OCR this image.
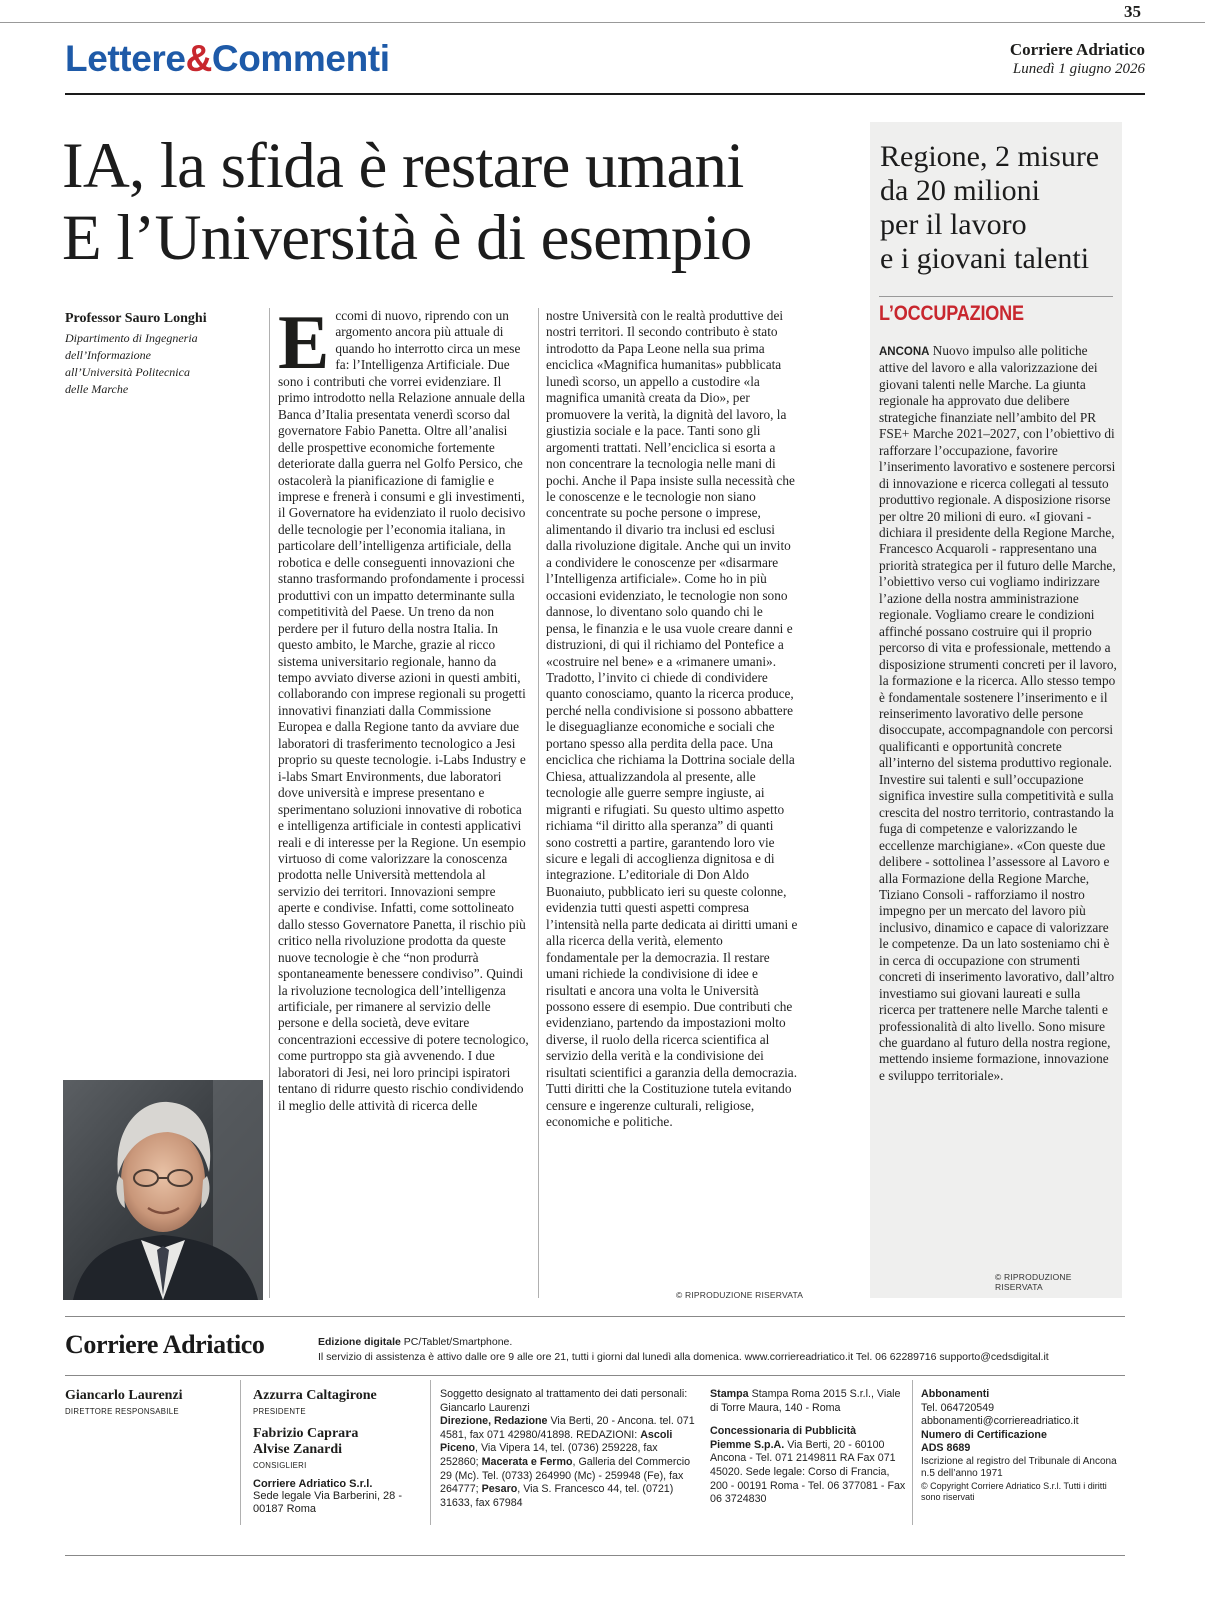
35
Lettere&Commenti	Corriere Adriatico
Lunedì 1 giugno 2026
IA, la sfida è restare umani
E l’Università è di esempio
Professor Sauro Longhi
Dipartimento di Ingegneria
dell’Informazione
all’Università Politecnica
delle Marche
Eccomi di nuovo, riprendo con un argomento ancora più attuale di quando ho interrotto circa un mese fa: l’Intelligenza Artificiale. Due sono i contributi che vorrei evidenziare. Il primo introdotto nella Relazione annuale della Banca d’Italia presentata venerdì scorso dal governatore Fabio Panetta. Oltre all’analisi delle prospettive economiche fortemente deteriorate dalla guerra nel Golfo Persico, che ostacolerà la pianificazione di famiglie e imprese e frenerà i consumi e gli investimenti, il Governatore ha evidenziato il ruolo decisivo delle tecnologie per l’economia italiana, in particolare dell’intelligenza artificiale, della robotica e delle conseguenti innovazioni che stanno trasformando profondamente i processi produttivi con un impatto determinante sulla competitività del Paese. Un treno da non perdere per il futuro della nostra Italia. In questo ambito, le Marche, grazie al ricco sistema universitario regionale, hanno da tempo avviato diverse azioni in questi ambiti, collaborando con imprese regionali su progetti innovativi finanziati dalla Commissione Europea e dalla Regione tanto da avviare due laboratori di trasferimento tecnologico a Jesi proprio su queste tecnologie. i-Labs Industry e i-labs Smart Environments, due laboratori dove università e imprese presentano e sperimentano soluzioni innovative di robotica e intelligenza artificiale in contesti applicativi reali e di interesse per la Regione. Un esempio virtuoso di come valorizzare la conoscenza prodotta nelle Università mettendola al servizio dei territori. Innovazioni sempre aperte e condivise. Infatti, come sottolineato dallo stesso Governatore Panetta, il rischio più critico nella rivoluzione prodotta da queste nuove tecnologie è che “non produrrà spontaneamente benessere condiviso”. Quindi la rivoluzione tecnologica dell’intelligenza artificiale, per rimanere al servizio delle persone e della società, deve evitare concentrazioni eccessive di potere tecnologico, come purtroppo sta già avvenendo. I due laboratori di Jesi, nei loro principi ispiratori tentano di ridurre questo rischio condividendo il meglio delle attività di ricerca delle
nostre Università con le realtà produttive dei nostri territori. Il secondo contributo è stato introdotto da Papa Leone nella sua prima enciclica «Magnifica humanitas» pubblicata lunedì scorso, un appello a custodire «la magnifica umanità creata da Dio», per promuovere la verità, la dignità del lavoro, la giustizia sociale e la pace. Tanti sono gli argomenti trattati. Nell’enciclica si esorta a non concentrare la tecnologia nelle mani di pochi. Anche il Papa insiste sulla necessità che le conoscenze e le tecnologie non siano concentrate su poche persone o imprese, alimentando il divario tra inclusi ed esclusi dalla rivoluzione digitale. Anche qui un invito a condividere le conoscenze per «disarmare l’Intelligenza artificiale». Come ho in più occasioni evidenziato, le tecnologie non sono dannose, lo diventano solo quando chi le pensa, le finanzia e le usa vuole creare danni e distruzioni, di qui il richiamo del Pontefice a «costruire nel bene» e a «rimanere umani». Tradotto, l’invito ci chiede di condividere quanto conosciamo, quanto la ricerca produce, perché nella condivisione si possono abbattere le diseguaglianze economiche e sociali che portano spesso alla perdita della pace. Una enciclica che richiama la Dottrina sociale della Chiesa, attualizzandola al presente, alle tecnologie alle guerre sempre ingiuste, ai migranti e rifugiati. Su questo ultimo aspetto richiama “il diritto alla speranza” di quanti sono costretti a partire, garantendo loro vie sicure e legali di accoglienza dignitosa e di integrazione. L’editoriale di Don Aldo Buonaiuto, pubblicato ieri su queste colonne, evidenzia tutti questi aspetti compresa l’intensità nella parte dedicata ai diritti umani e alla ricerca della verità, elemento fondamentale per la democrazia. Il restare umani richiede la condivisione di idee e risultati e ancora una volta le Università possono essere di esempio. Due contributi che evidenziano, partendo da impostazioni molto diverse, il ruolo della ricerca scientifica al servizio della verità e la condivisione dei risultati scientifici a garanzia della democrazia. Tutti diritti che la Costituzione tutela evitando censure e ingerenze culturali, religiose, economiche e politiche.
© RIPRODUZIONE RISERVATA
Regione, 2 misure
da 20 milioni
per il lavoro
e i giovani talenti
L’OCCUPAZIONE
ANCONA Nuovo impulso alle politiche attive del lavoro e alla valorizzazione dei giovani talenti nelle Marche. La giunta regionale ha approvato due delibere strategiche finanziate nell’ambito del PR FSE+ Marche 2021–2027, con l’obiettivo di rafforzare l’occupazione, favorire l’inserimento lavorativo e sostenere percorsi di innovazione e ricerca collegati al tessuto produttivo regionale. A disposizione risorse per oltre 20 milioni di euro. «I giovani - dichiara il presidente della Regione Marche, Francesco Acquaroli - rappresentano una priorità strategica per il futuro delle Marche, l’obiettivo verso cui vogliamo indirizzare l’azione della nostra amministrazione regionale. Vogliamo creare le condizioni affinché possano costruire qui il proprio percorso di vita e professionale, mettendo a disposizione strumenti concreti per il lavoro, la formazione e la ricerca. Allo stesso tempo è fondamentale sostenere l’inserimento e il reinserimento lavorativo delle persone disoccupate, accompagnandole con percorsi qualificanti e opportunità concrete all’interno del sistema produttivo regionale. Investire sui talenti e sull’occupazione significa investire sulla competitività e sulla crescita del nostro territorio, contrastando la fuga di competenze e valorizzando le eccellenze marchigiane». «Con queste due delibere - sottolinea l’assessore al Lavoro e alla Formazione della Regione Marche, Tiziano Consoli - rafforziamo il nostro impegno per un mercato del lavoro più inclusivo, dinamico e capace di valorizzare le competenze. Da un lato sosteniamo chi è in cerca di occupazione con strumenti concreti di inserimento lavorativo, dall’altro investiamo sui giovani laureati e sulla ricerca per trattenere nelle Marche talenti e professionalità di alto livello. Sono misure che guardano al futuro della nostra regione, mettendo insieme formazione, innovazione e sviluppo territoriale».
© RIPRODUZIONE RISERVATA
Corriere Adriatico	Edizione digitale PC/Tablet/Smartphone.
Il servizio di assistenza è attivo dalle ore 9 alle ore 21, tutti i giorni dal lunedì alla domenica. www.corriereadriatico.it Tel. 06 62289716 supporto@cedsdigital.it
Giancarlo Laurenzi
DIRETTORE RESPONSABILE
Azzurra Caltagirone
PRESIDENTE
Fabrizio Caprara
Alvise Zanardi
CONSIGLIERI
Corriere Adriatico S.r.l.
Sede legale Via Barberini, 28 - 00187 Roma
Soggetto designato al trattamento dei dati personali: Giancarlo Laurenzi
Direzione, Redazione Via Berti, 20 - Ancona. tel. 071 4581, fax 071 42980/41898. REDAZIONI: Ascoli Piceno, Via Vipera 14, tel. (0736) 259228, fax 252860; Macerata e Fermo, Galleria del Commercio 29 (Mc). Tel. (0733) 264990 (Mc) - 259948 (Fe), fax 264777; Pesaro, Via S. Francesco 44, tel. (0721) 31633, fax 67984
Stampa Stampa Roma 2015 S.r.l., Viale di Torre Maura, 140 - Roma
Concessionaria di Pubblicità
Piemme S.p.A. Via Berti, 20 - 60100 Ancona - Tel. 071 2149811 RA Fax 071 45020. Sede legale: Corso di Francia, 200 - 00191 Roma - Tel. 06 377081 - Fax 06 3724830
Abbonamenti
Tel. 064720549
abbonamenti@corriereadriatico.it
Numero di Certificazione
ADS 8689
Iscrizione al registro del Tribunale di Ancona n.5 dell’anno 1971
© Copyright Corriere Adriatico S.r.l. Tutti i diritti sono riservati
